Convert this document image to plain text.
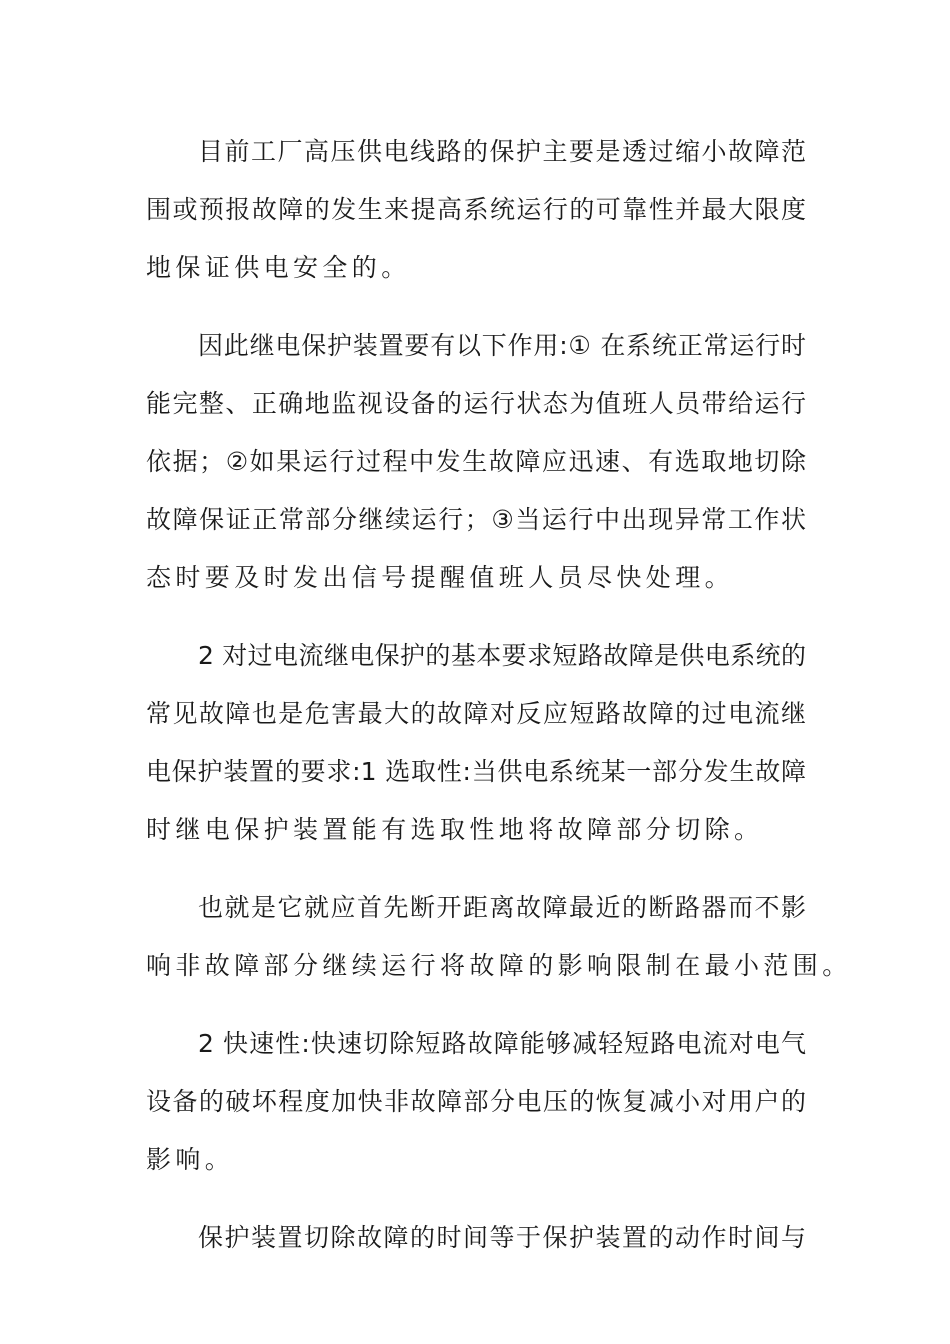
目前工厂高压供电线路的保护主要是透过缩小故障范
围或预报故障的发生来提高系统运行的可靠性并最大限度
地保证供电安全的。
因此继电保护装置要有以下作用:① 在系统正常运行时
能完整、正确地监视设备的运行状态为值班人员带给运行
依据；②如果运行过程中发生故障应迅速、有选取地切除
故障保证正常部分继续运行；③当运行中出现异常工作状
态时要及时发出信号提醒值班人员尽快处理。
2 对过电流继电保护的基本要求短路故障是供电系统的
常见故障也是危害最大的故障对反应短路故障的过电流继
电保护装置的要求:1 选取性:当供电系统某一部分发生故障
时继电保护装置能有选取性地将故障部分切除。
也就是它就应首先断开距离故障最近的断路器而不影
响非故障部分继续运行将故障的影响限制在最小范围。
2 快速性:快速切除短路故障能够减轻短路电流对电气
设备的破坏程度加快非故障部分电压的恢复减小对用户的
影响。
保护装置切除故障的时间等于保护装置的动作时间与
